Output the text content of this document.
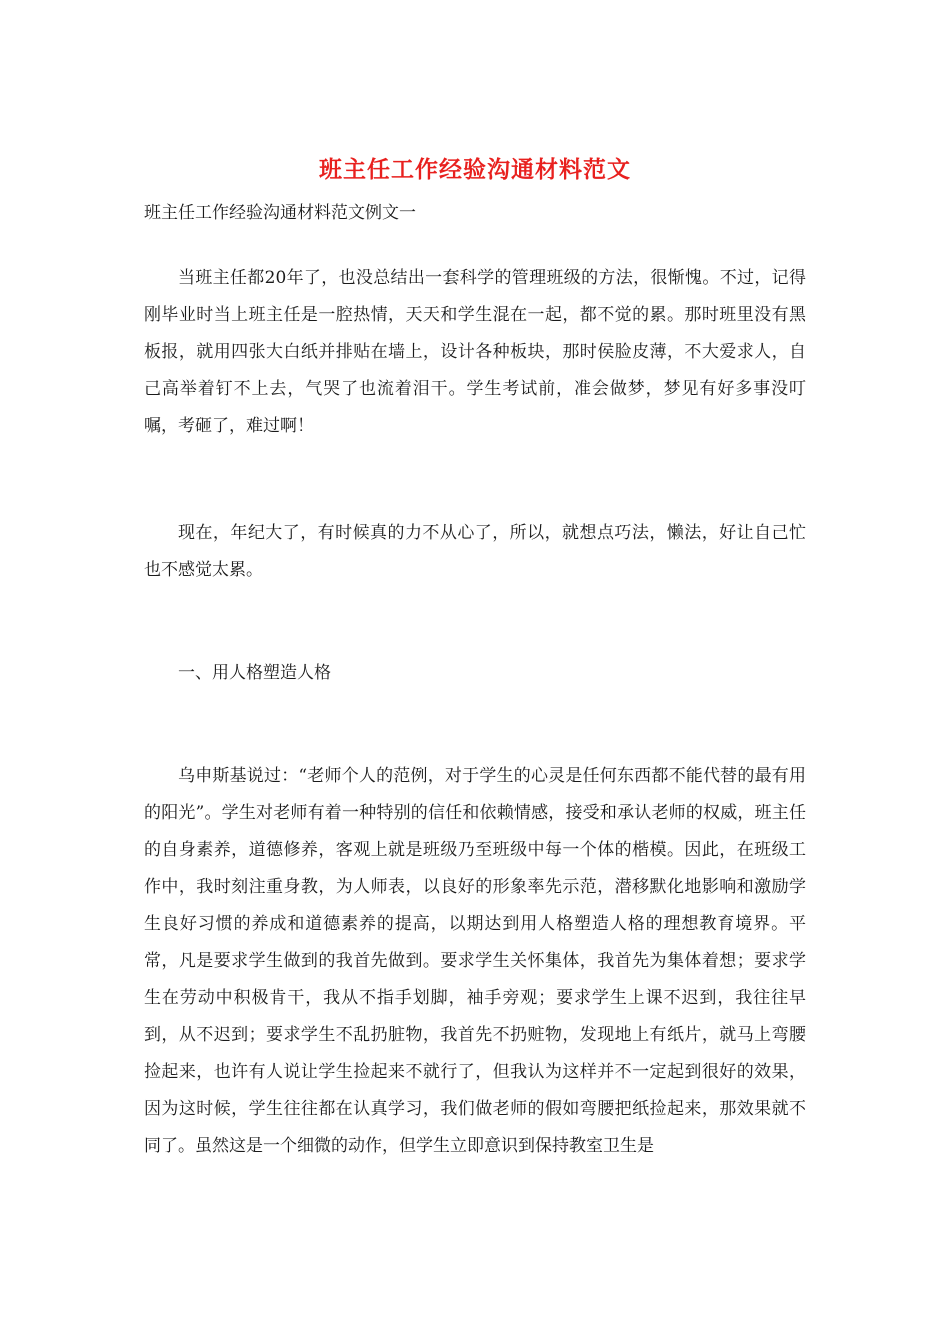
班主任工作经验沟通材料范文
班主任工作经验沟通材料范文例文一

当班主任都20年了，也没总结出一套科学的管理班级的方法，很惭愧。不过，记得刚毕业时当上班主任是一腔热情，天天和学生混在一起，都不觉的累。那时班里没有黑板报，就用四张大白纸并排贴在墙上，设计各种板块，那时侯脸皮薄，不大爱求人，自己高举着钉不上去，气哭了也流着泪干。学生考试前，准会做梦，梦见有好多事没叮嘱，考砸了，难过啊！

现在，年纪大了，有时候真的力不从心了，所以，就想点巧法，懒法，好让自己忙也不感觉太累。

一、用人格塑造人格

乌申斯基说过：“老师个人的范例，对于学生的心灵是任何东西都不能代替的最有用的阳光”。学生对老师有着一种特别的信任和依赖情感，接受和承认老师的权威，班主任的自身素养，道德修养，客观上就是班级乃至班级中每一个体的楷模。因此，在班级工作中，我时刻注重身教，为人师表，以良好的形象率先示范，潜移默化地影响和激励学生良好习惯的养成和道德素养的提高，以期达到用人格塑造人格的理想教育境界。平常，凡是要求学生做到的我首先做到。要求学生关怀集体，我首先为集体着想；要求学生在劳动中积极肯干，我从不指手划脚，袖手旁观；要求学生上课不迟到，我往往早到，从不迟到；要求学生不乱扔脏物，我首先不扔赃物，发现地上有纸片，就马上弯腰捡起来，也许有人说让学生捡起来不就行了，但我认为这样并不一定起到很好的效果，因为这时候，学生往往都在认真学习，我们做老师的假如弯腰把纸捡起来，那效果就不同了。虽然这是一个细微的动作，但学生立即意识到保持教室卫生是
